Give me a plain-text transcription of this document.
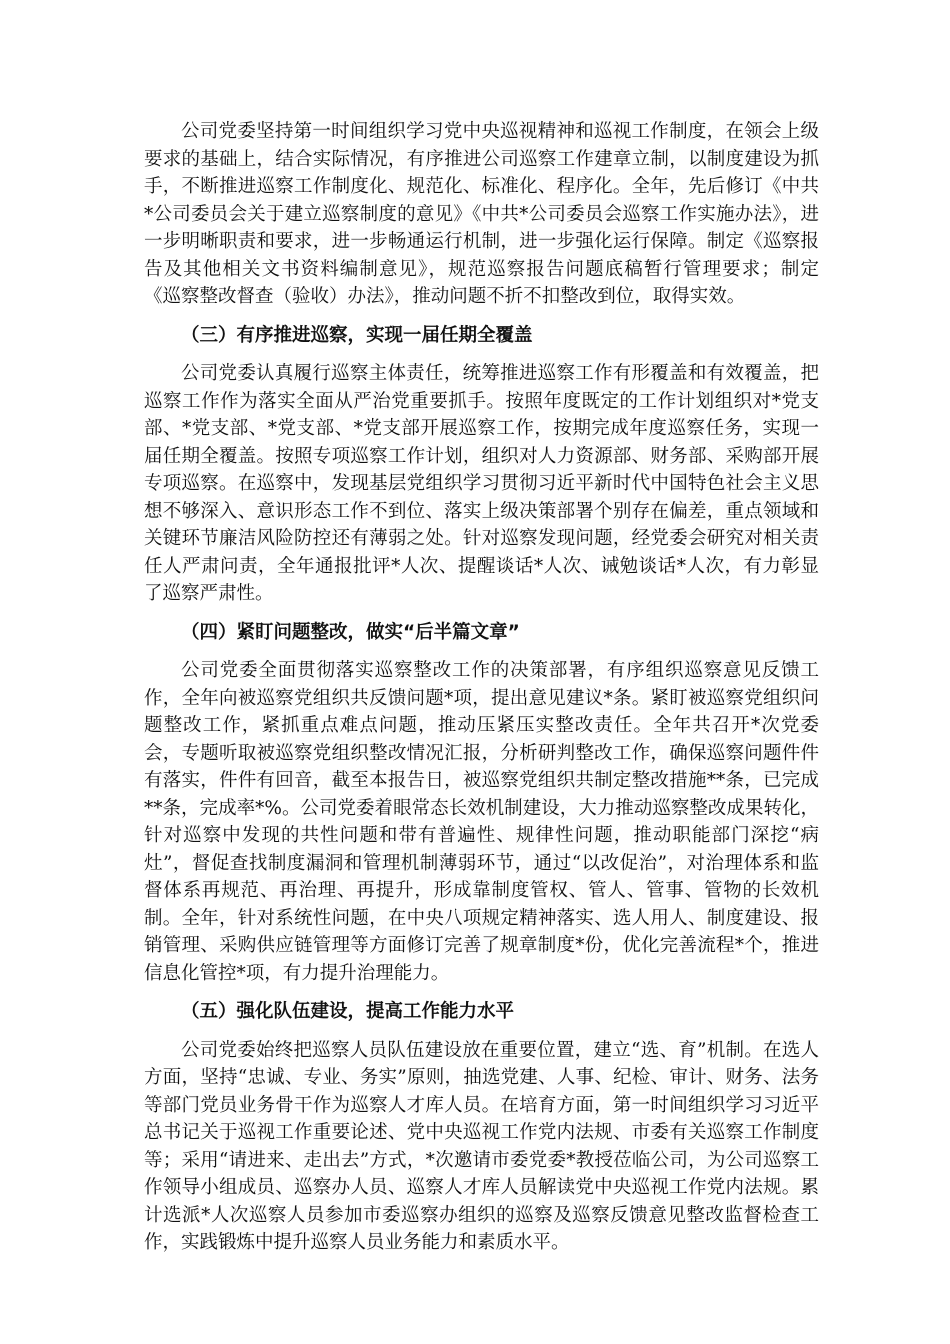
公司党委坚持第一时间组织学习党中央巡视精神和巡视工作制度，在领会上级要求的基础上，结合实际情况，有序推进公司巡察工作建章立制，以制度建设为抓手，不断推进巡察工作制度化、规范化、标准化、程序化。全年，先后修订《中共*公司委员会关于建立巡察制度的意见》《中共*公司委员会巡察工作实施办法》，进一步明晰职责和要求，进一步畅通运行机制，进一步强化运行保障。制定《巡察报告及其他相关文书资料编制意见》，规范巡察报告问题底稿暂行管理要求；制定《巡察整改督查（验收）办法》，推动问题不折不扣整改到位，取得实效。

（三）有序推进巡察，实现一届任期全覆盖

公司党委认真履行巡察主体责任，统筹推进巡察工作有形覆盖和有效覆盖，把巡察工作作为落实全面从严治党重要抓手。按照年度既定的工作计划组织对*党支部、*党支部、*党支部、*党支部开展巡察工作，按期完成年度巡察任务，实现一届任期全覆盖。按照专项巡察工作计划，组织对人力资源部、财务部、采购部开展专项巡察。在巡察中，发现基层党组织学习贯彻习近平新时代中国特色社会主义思想不够深入、意识形态工作不到位、落实上级决策部署个别存在偏差，重点领域和关键环节廉洁风险防控还有薄弱之处。针对巡察发现问题，经党委会研究对相关责任人严肃问责，全年通报批评*人次、提醒谈话*人次、诫勉谈话*人次，有力彰显了巡察严肃性。

（四）紧盯问题整改，做实“后半篇文章”

公司党委全面贯彻落实巡察整改工作的决策部署，有序组织巡察意见反馈工作，全年向被巡察党组织共反馈问题*项，提出意见建议*条。紧盯被巡察党组织问题整改工作，紧抓重点难点问题，推动压紧压实整改责任。全年共召开*次党委会，专题听取被巡察党组织整改情况汇报，分析研判整改工作，确保巡察问题件件有落实，件件有回音，截至本报告日，被巡察党组织共制定整改措施**条，已完成**条，完成率*%。公司党委着眼常态长效机制建设，大力推动巡察整改成果转化，针对巡察中发现的共性问题和带有普遍性、规律性问题，推动职能部门深挖“病灶”，督促查找制度漏洞和管理机制薄弱环节，通过“以改促治”，对治理体系和监督体系再规范、再治理、再提升，形成靠制度管权、管人、管事、管物的长效机制。全年，针对系统性问题，在中央八项规定精神落实、选人用人、制度建设、报销管理、采购供应链管理等方面修订完善了规章制度*份，优化完善流程*个，推进信息化管控*项，有力提升治理能力。

（五）强化队伍建设，提高工作能力水平

公司党委始终把巡察人员队伍建设放在重要位置，建立“选、育”机制。在选人方面，坚持“忠诚、专业、务实”原则，抽选党建、人事、纪检、审计、财务、法务等部门党员业务骨干作为巡察人才库人员。在培育方面，第一时间组织学习习近平总书记关于巡视工作重要论述、党中央巡视工作党内法规、市委有关巡察工作制度等；采用“请进来、走出去”方式，*次邀请市委党委*教授莅临公司，为公司巡察工作领导小组成员、巡察办人员、巡察人才库人员解读党中央巡视工作党内法规。累计选派*人次巡察人员参加市委巡察办组织的巡察及巡察反馈意见整改监督检查工作，实践锻炼中提升巡察人员业务能力和素质水平。
